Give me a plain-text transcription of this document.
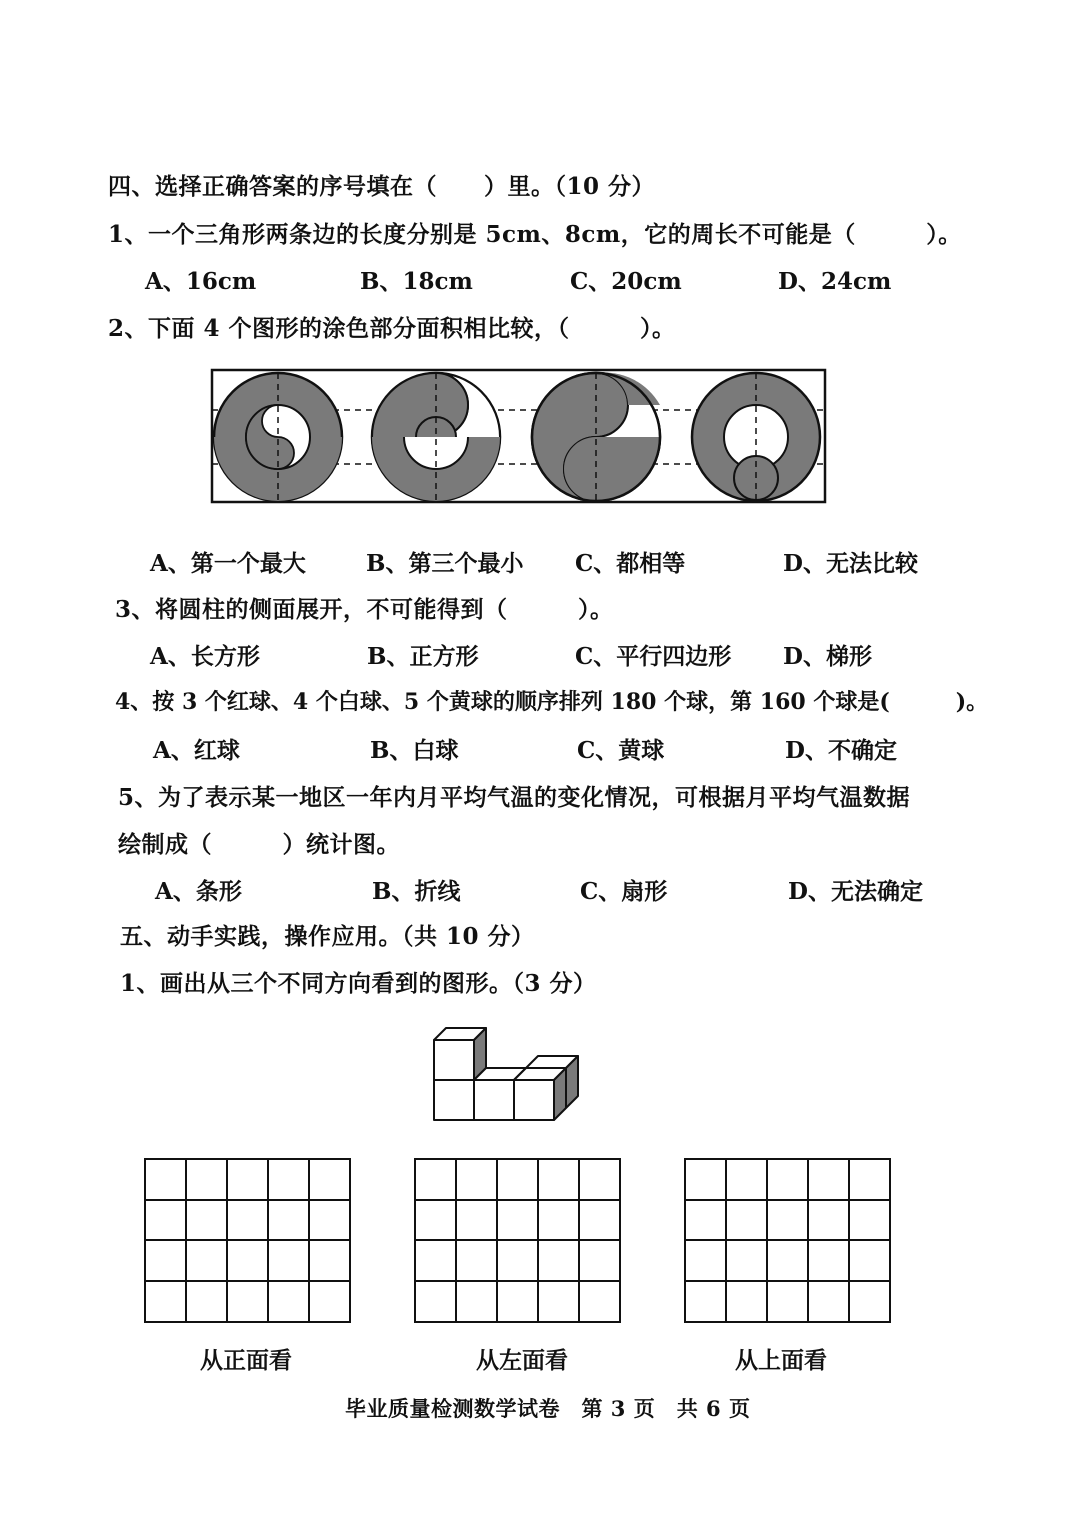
四、选择正确答案的序号填在（　　）里。（10 分）
1、一个三角形两条边的长度分别是 5cm、8cm，它的周长不可能是（　　　）。
A、16cm	B、18cm	C、20cm	D、24cm
2、下面 4 个图形的涂色部分面积相比较，（　　　）。
A、第一个最大	B、第三个最小 C、都相等	D、无法比较
3、将圆柱的侧面展开，不可能得到（　　　）。
A、长方形	B、正方形	C、平行四边形 D、梯形
4、按 3 个红球、4 个白球、5 个黄球的顺序排列 180 个球，第 160 个球是(　　　)。
A、红球	B、白球	C、黄球	D、不确定
5、为了表示某一地区一年内月平均气温的变化情况，可根据月平均气温数据
绘制成（　　　）统计图。
A、条形	B、折线	C、扇形	D、无法确定
五、动手实践，操作应用。（共 10 分）
1、画出从三个不同方向看到的图形。（3 分）
从正面看	从左面看	从上面看
毕业质量检测数学试卷　第 3 页　共 6 页
